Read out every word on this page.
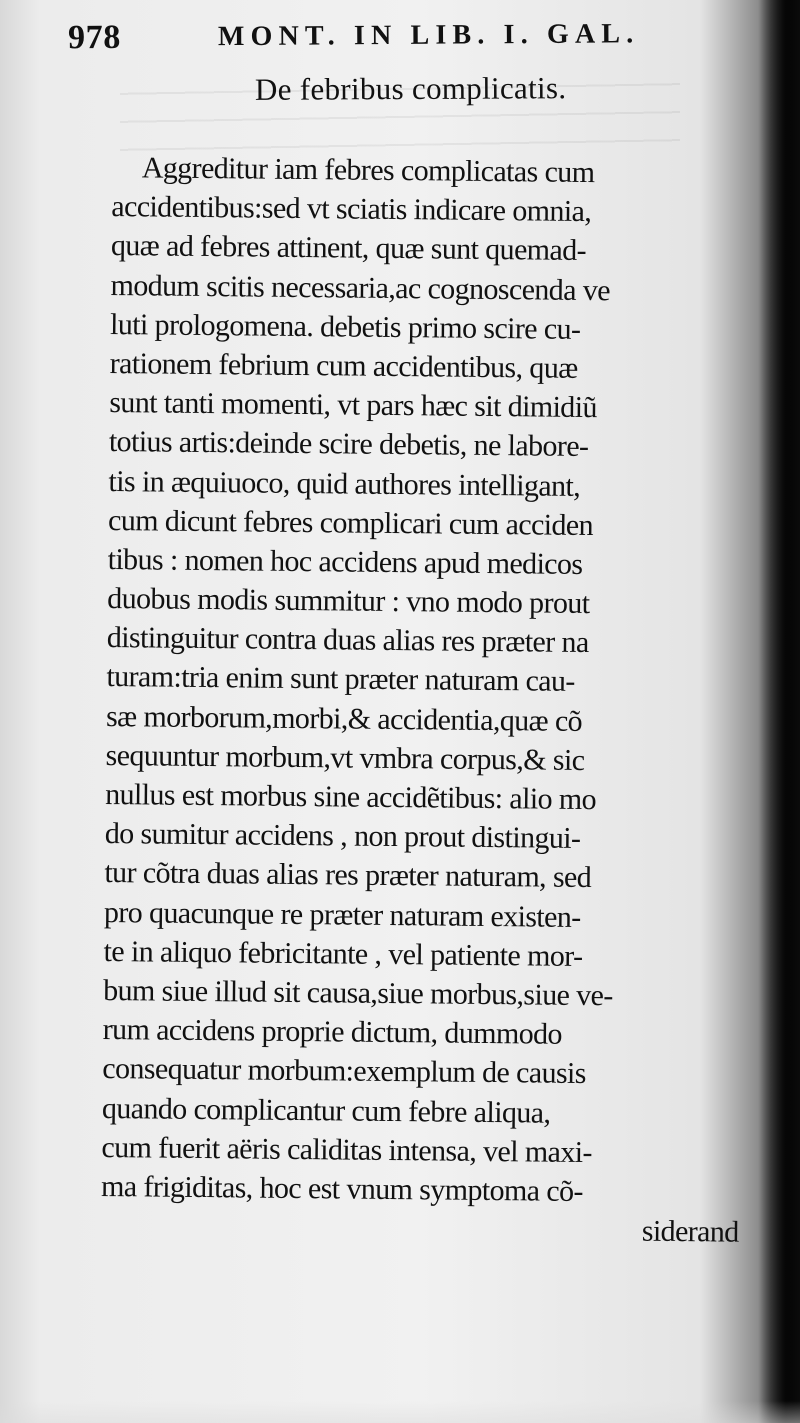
978	MONT. IN LIB. I. GAL.
De febribus complicatis.
Aggreditur iam febres complicatas cum
accidentibus:sed vt sciatis indicare omnia,
quæ ad febres attinent, quæ sunt quemad-
modum scitis necessaria,ac cognoscenda ve
luti prologomena. debetis primo scire cu-
rationem febrium cum accidentibus, quæ
sunt tanti momenti, vt pars hæc sit dimidiũ
totius artis:deinde scire debetis, ne labore-
tis in æquiuoco, quid authores intelligant,
cum dicunt febres complicari cum acciden
tibus : nomen hoc accidens apud medicos
duobus modis summitur : vno modo prout
distinguitur contra duas alias res præter na
turam:tria enim sunt præter naturam cau-
sæ morborum,morbi,& accidentia,quæ cõ
sequuntur morbum,vt vmbra corpus,& sic
nullus est morbus sine accidẽtibus: alio mo
do sumitur accidens , non prout distingui-
tur cõtra duas alias res præter naturam, sed
pro quacunque re præter naturam existen-
te in aliquo febricitante , vel patiente mor-
bum siue illud sit causa,siue morbus,siue ve-
rum accidens proprie dictum, dummodo
consequatur morbum:exemplum de causis
quando complicantur cum febre aliqua,
cum fuerit aëris caliditas intensa, vel maxi-
ma frigiditas, hoc est vnum symptoma cõ-
siderand
